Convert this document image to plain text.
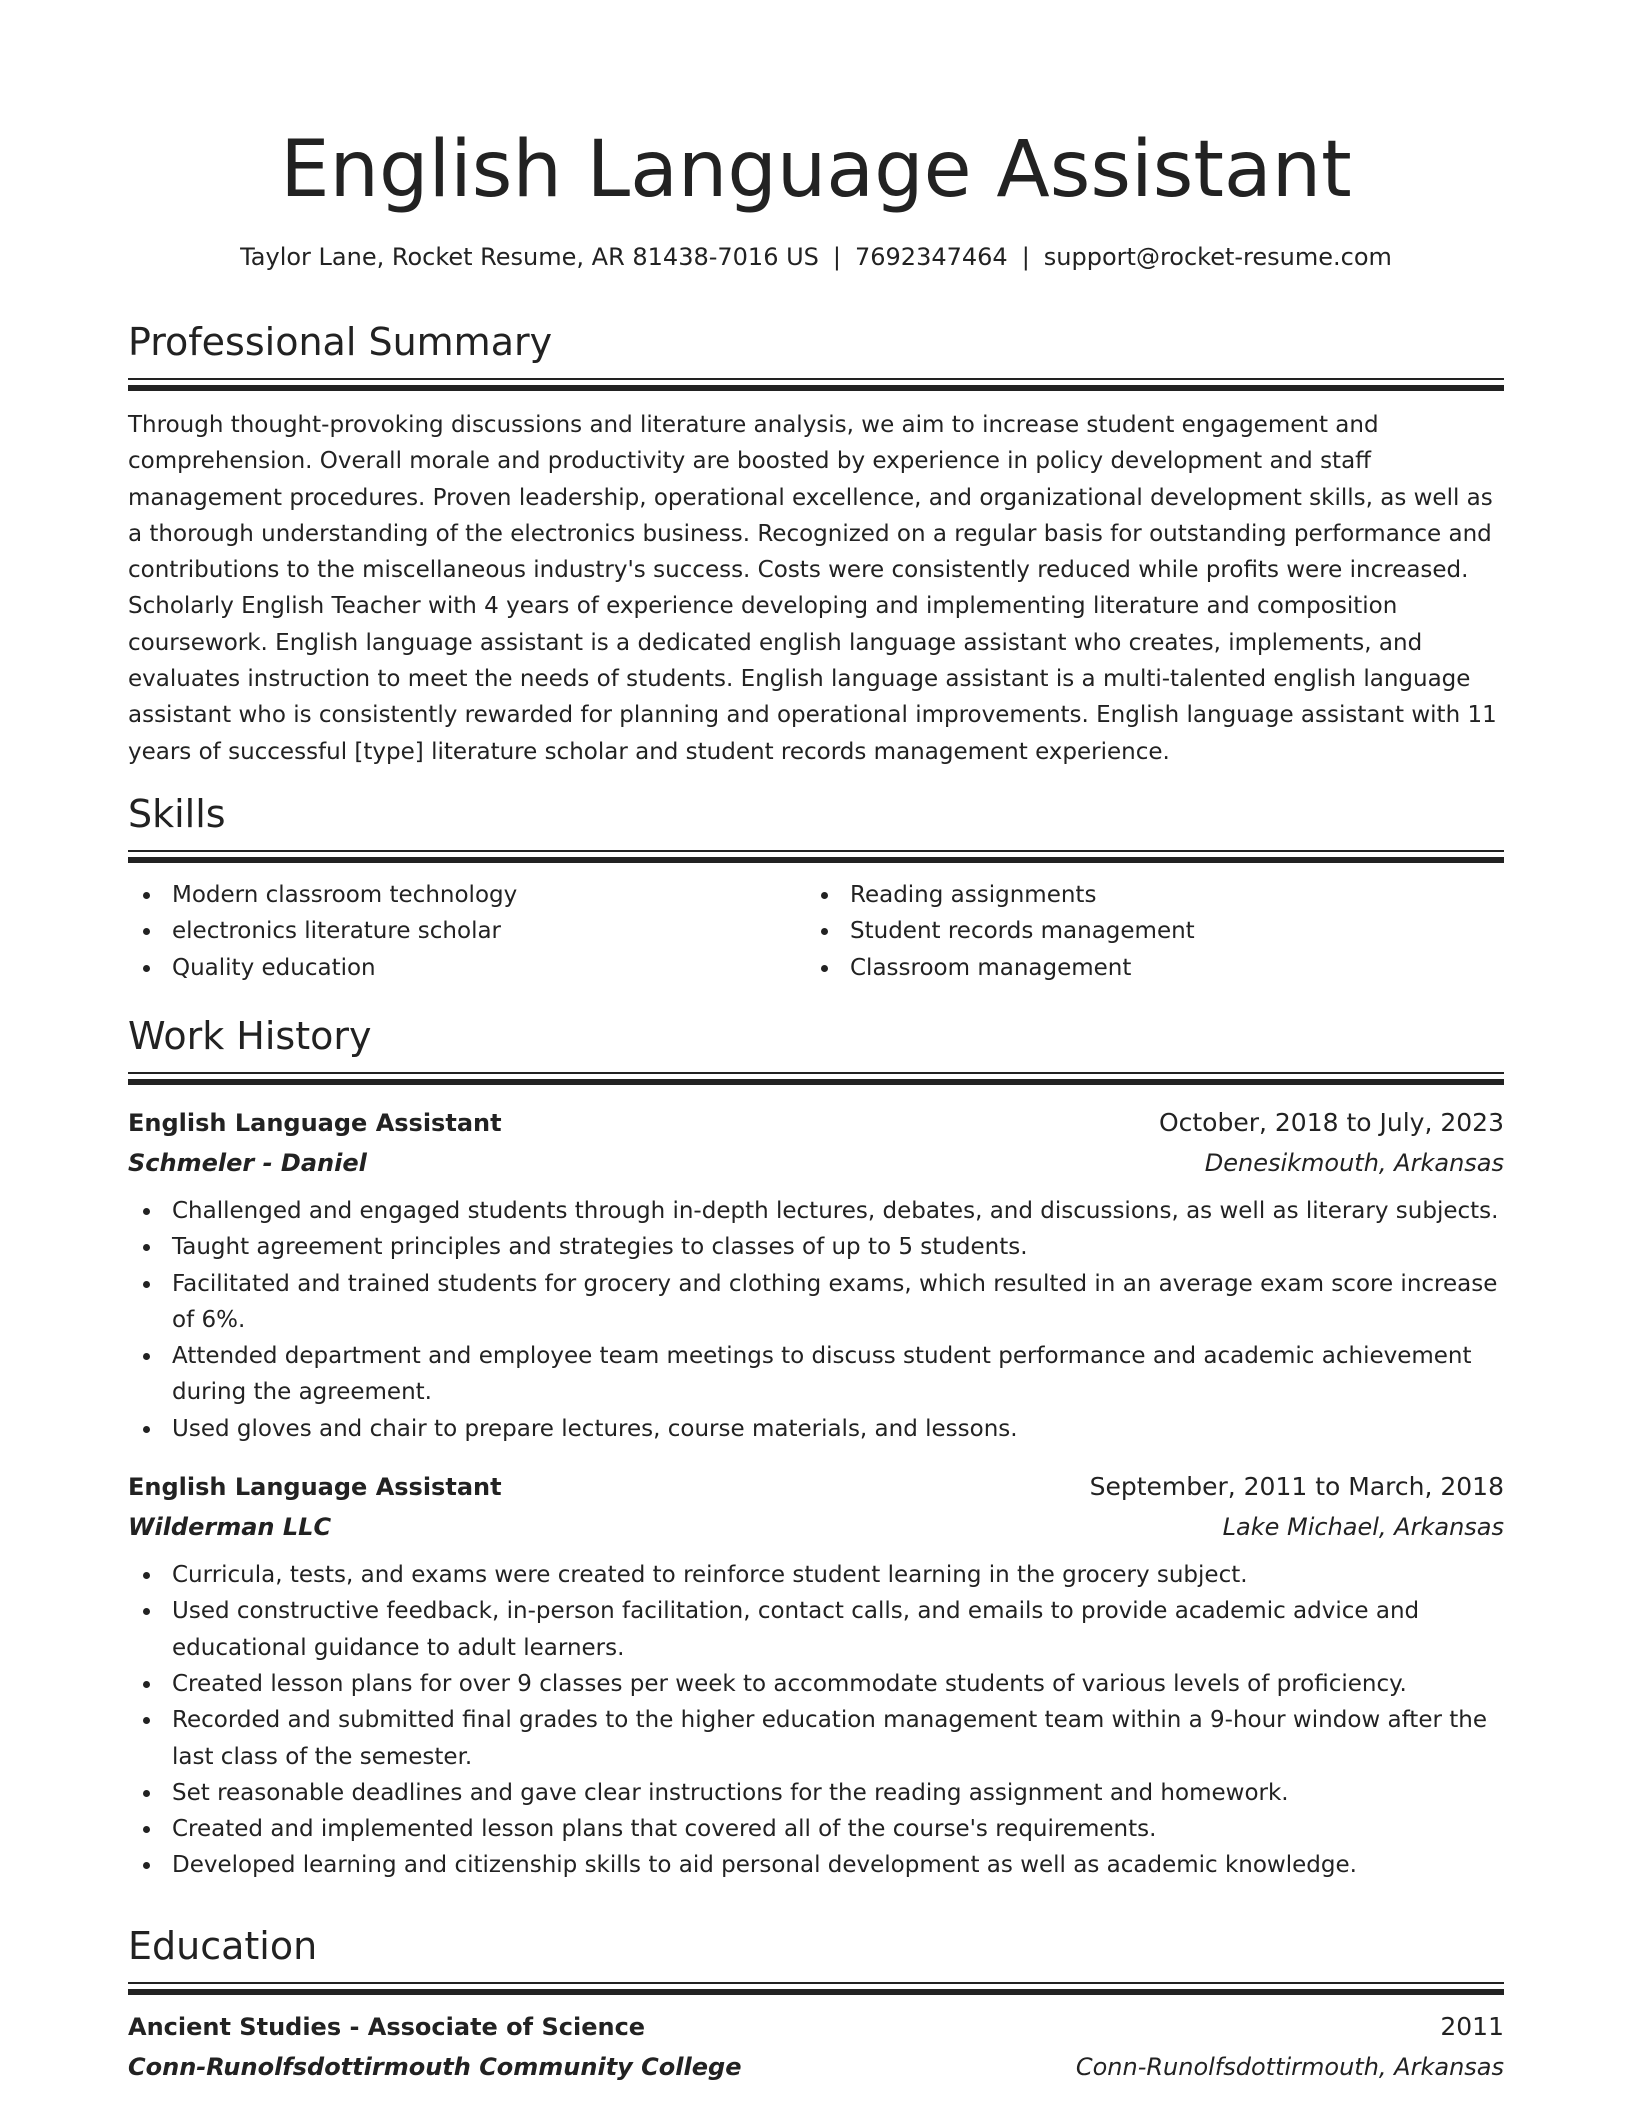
English Language Assistant
Taylor Lane, Rocket Resume, AR 81438-7016 US | 7692347464 | support@rocket-resume.com
Professional Summary

Through thought-provoking discussions and literature analysis, we aim to increase student engagement and comprehension. Overall morale and productivity are boosted by experience in policy development and staff management procedures. Proven leadership, operational excellence, and organizational development skills, as well as a thorough understanding of the electronics business. Recognized on a regular basis for outstanding performance and contributions to the miscellaneous industry's success. Costs were consistently reduced while profits were increased. Scholarly English Teacher with 4 years of experience developing and implementing literature and composition coursework. English language assistant is a dedicated english language assistant who creates, implements, and evaluates instruction to meet the needs of students. English language assistant is a multi-talented english language assistant who is consistently rewarded for planning and operational improvements. English language assistant with 11 years of successful [type] literature scholar and student records management experience.

Skills
Modern classroom technology
electronics literature scholar
Quality education
Reading assignments
Student records management
Classroom management
Work History
English Language Assistant	October, 2018 to July, 2023
Schmeler - Daniel	Denesikmouth, Arkansas
Challenged and engaged students through in-depth lectures, debates, and discussions, as well as literary subjects.
Taught agreement principles and strategies to classes of up to 5 students.
Facilitated and trained students for grocery and clothing exams, which resulted in an average exam score increase of 6%.
Attended department and employee team meetings to discuss student performance and academic achievement during the agreement.
Used gloves and chair to prepare lectures, course materials, and lessons.
English Language Assistant	September, 2011 to March, 2018
Wilderman LLC	Lake Michael, Arkansas
Curricula, tests, and exams were created to reinforce student learning in the grocery subject.
Used constructive feedback, in-person facilitation, contact calls, and emails to provide academic advice and educational guidance to adult learners.
Created lesson plans for over 9 classes per week to accommodate students of various levels of proficiency.
Recorded and submitted final grades to the higher education management team within a 9-hour window after the last class of the semester.
Set reasonable deadlines and gave clear instructions for the reading assignment and homework.
Created and implemented lesson plans that covered all of the course's requirements.
Developed learning and citizenship skills to aid personal development as well as academic knowledge.
Education
Ancient Studies - Associate of Science	2011
Conn-Runolfsdottirmouth Community College	Conn-Runolfsdottirmouth, Arkansas
